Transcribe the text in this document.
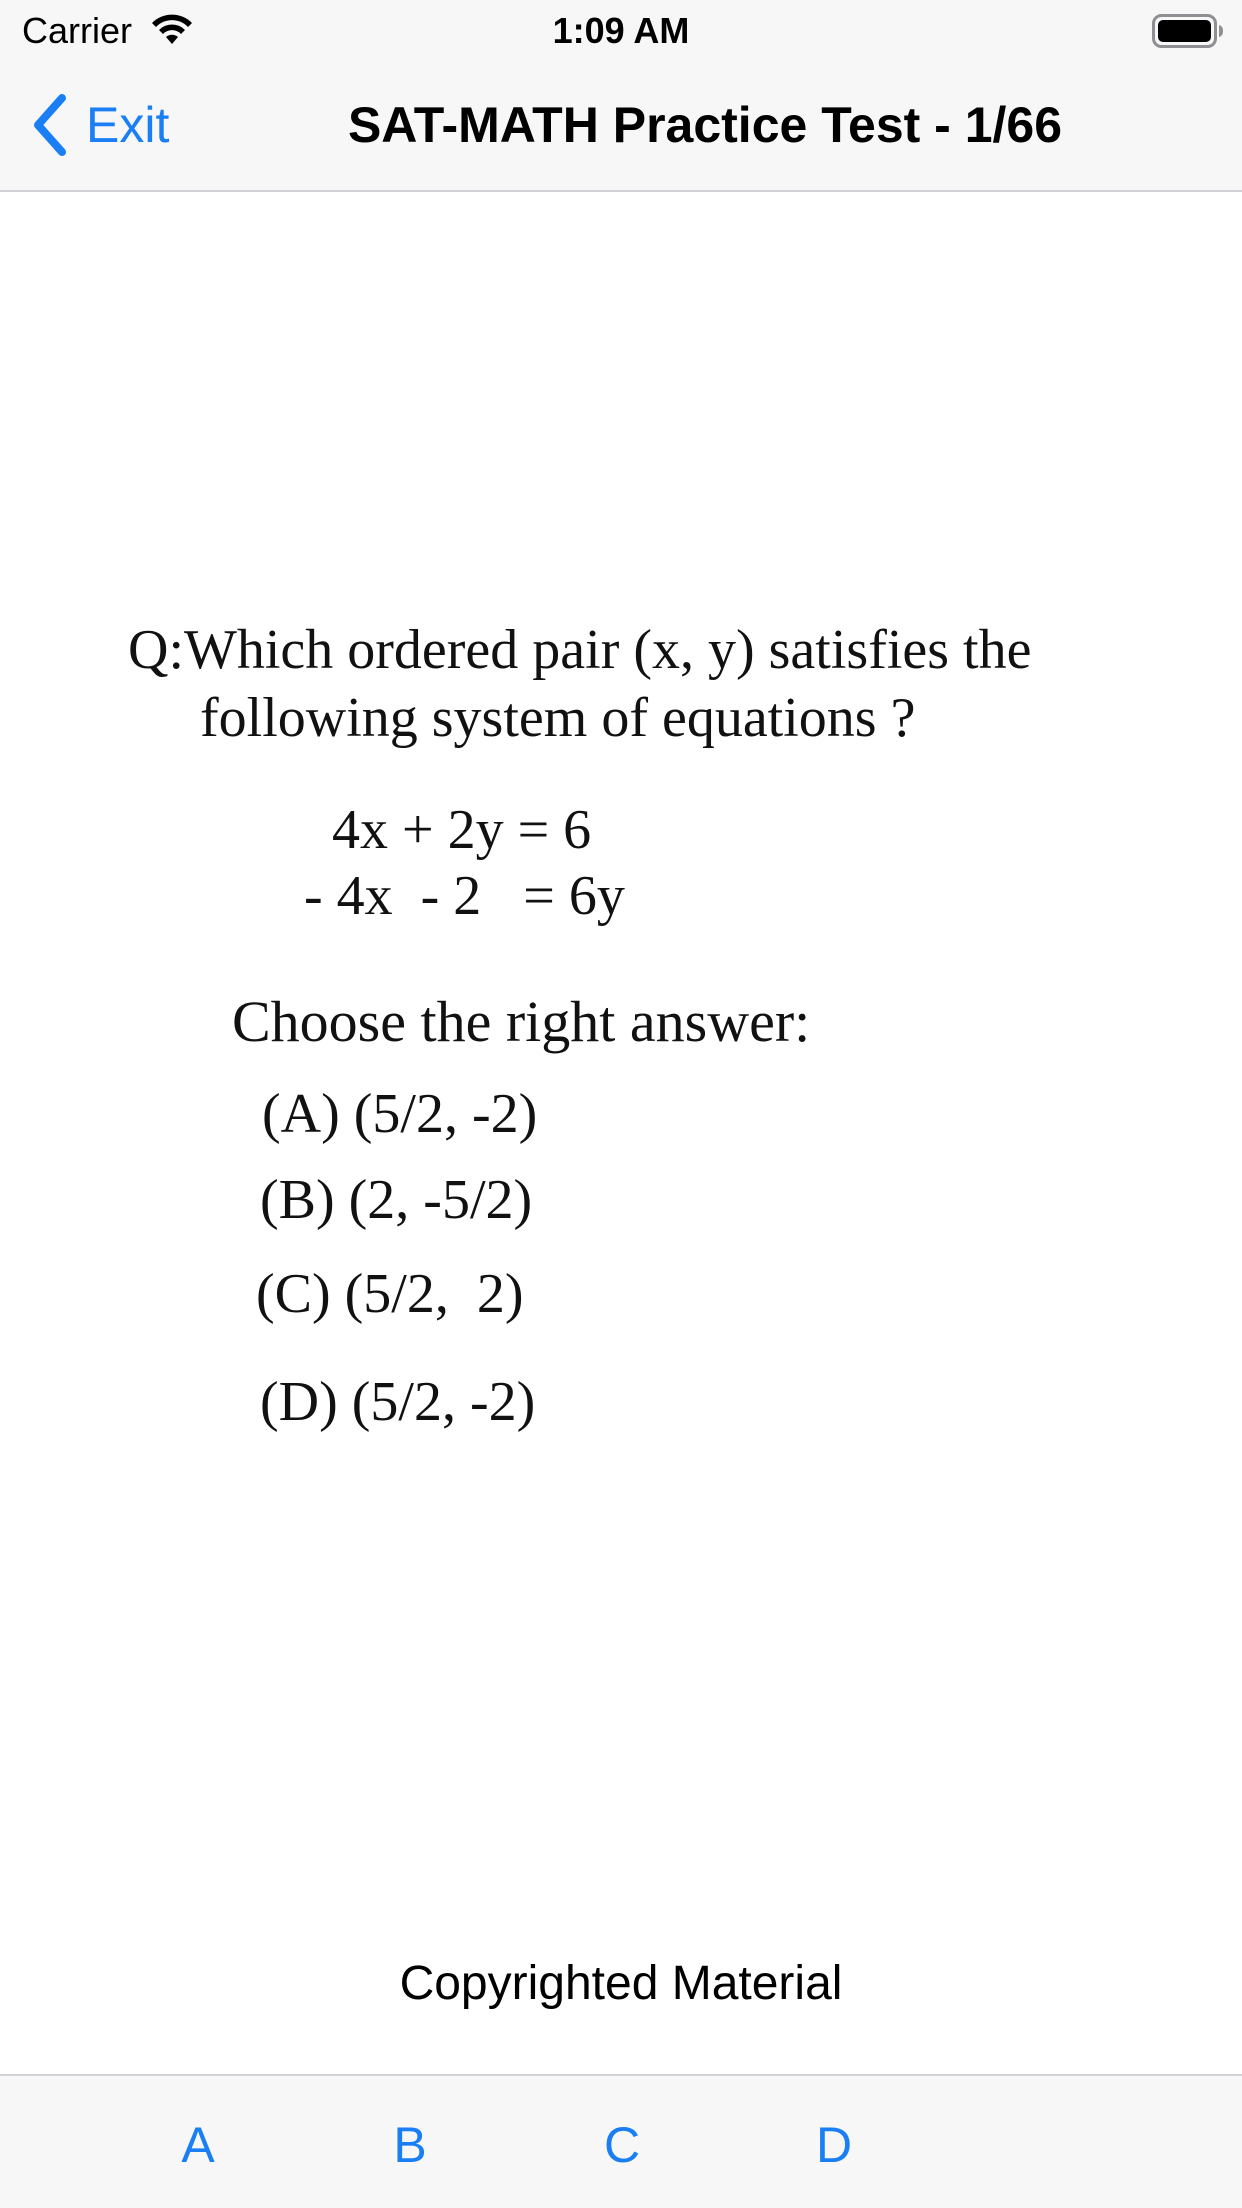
Carrier	1:09 AM
Exit	SAT-MATH Practice Test - 1/66
Q:Which ordered pair (x, y) satisfies the
following system of equations ?
4x + 2y = 6
- 4x  - 2   = 6y
Choose the right answer:
(A) (5/2, -2)
(B) (2, -5/2)
(C) (5/2,  2)
(D) (5/2, -2)
Copyrighted Material
A	B	C	D
